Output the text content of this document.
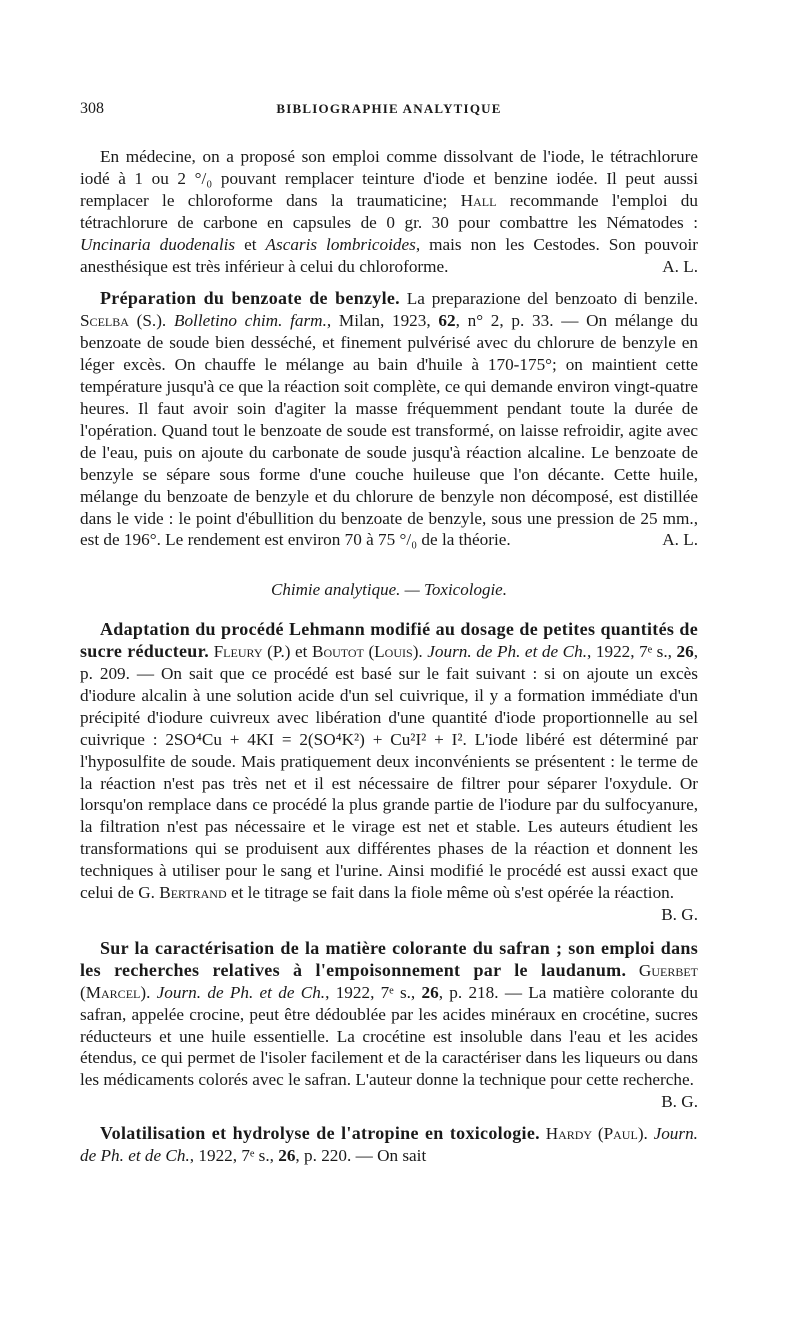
308	BIBLIOGRAPHIE ANALYTIQUE

En médecine, on a proposé son emploi comme dissolvant de l'iode, le tétrachlorure iodé à 1 ou 2 °/₀ pouvant remplacer teinture d'iode et benzine iodée. Il peut aussi remplacer le chloroforme dans la traumaticine; Hall recommande l'emploi du tétrachlorure de carbone en capsules de 0 gr. 30 pour combattre les Nématodes : Uncinaria duodenalis et Ascaris lombricoides, mais non les Cestodes. Son pouvoir anesthésique est très inférieur à celui du chloroforme.	A. L.

Préparation du benzoate de benzyle. La preparazione del benzoato di benzile. Scelba (S.). Bolletino chim. farm., Milan, 1923, 62, n° 2, p. 33. — On mélange du benzoate de soude bien desséché, et finement pulvérisé avec du chlorure de benzyle en léger excès. On chauffe le mélange au bain d'huile à 170-175°; on maintient cette température jusqu'à ce que la réaction soit complète, ce qui demande environ vingt-quatre heures. Il faut avoir soin d'agiter la masse fréquemment pendant toute la durée de l'opération. Quand tout le benzoate de soude est transformé, on laisse refroidir, agite avec de l'eau, puis on ajoute du carbonate de soude jusqu'à réaction alcaline. Le benzoate de benzyle se sépare sous forme d'une couche huileuse que l'on décante. Cette huile, mélange du benzoate de benzyle et du chlorure de benzyle non décomposé, est distillée dans le vide : le point d'ébullition du benzoate de benzyle, sous une pression de 25 mm., est de 196°. Le rendement est environ 70 à 75 °/₀ de la théorie.	A. L.

Chimie analytique. — Toxicologie.

Adaptation du procédé Lehmann modifié au dosage de petites quantités de sucre réducteur. Fleury (P.) et Boutot (Louis). Journ. de Ph. et de Ch., 1922, 7ᵉ s., 26, p. 209. — On sait que ce procédé est basé sur le fait suivant : si on ajoute un excès d'iodure alcalin à une solution acide d'un sel cuivrique, il y a formation immédiate d'un précipité d'iodure cuivreux avec libération d'une quantité d'iode proportionnelle au sel cuivrique : 2SO⁴Cu + 4KI = 2(SO⁴K²) + Cu²I² + I². L'iode libéré est déterminé par l'hyposulfite de soude. Mais pratiquement deux inconvénients se présentent : le terme de la réaction n'est pas très net et il est nécessaire de filtrer pour séparer l'oxydule. Or lorsqu'on remplace dans ce procédé la plus grande partie de l'iodure par du sulfocyanure, la filtration n'est pas nécessaire et le virage est net et stable. Les auteurs étudient les transformations qui se produisent aux différentes phases de la réaction et donnent les techniques à utiliser pour le sang et l'urine. Ainsi modifié le procédé est aussi exact que celui de G. Bertrand et le titrage se fait dans la fiole même où s'est opérée la réaction.
B. G.

Sur la caractérisation de la matière colorante du safran ; son emploi dans les recherches relatives à l'empoisonnement par le laudanum. Guerbet (Marcel). Journ. de Ph. et de Ch., 1922, 7ᵉ s., 26, p. 218. — La matière colorante du safran, appelée crocine, peut être dédoublée par les acides minéraux en crocétine, sucres réducteurs et une huile essentielle. La crocétine est insoluble dans l'eau et les acides étendus, ce qui permet de l'isoler facilement et de la caractériser dans les liqueurs ou dans les médicaments colorés avec le safran. L'auteur donne la technique pour cette recherche.
B. G.

Volatilisation et hydrolyse de l'atropine en toxicologie. Hardy (Paul). Journ. de Ph. et de Ch., 1922, 7ᵉ s., 26, p. 220. — On sait
